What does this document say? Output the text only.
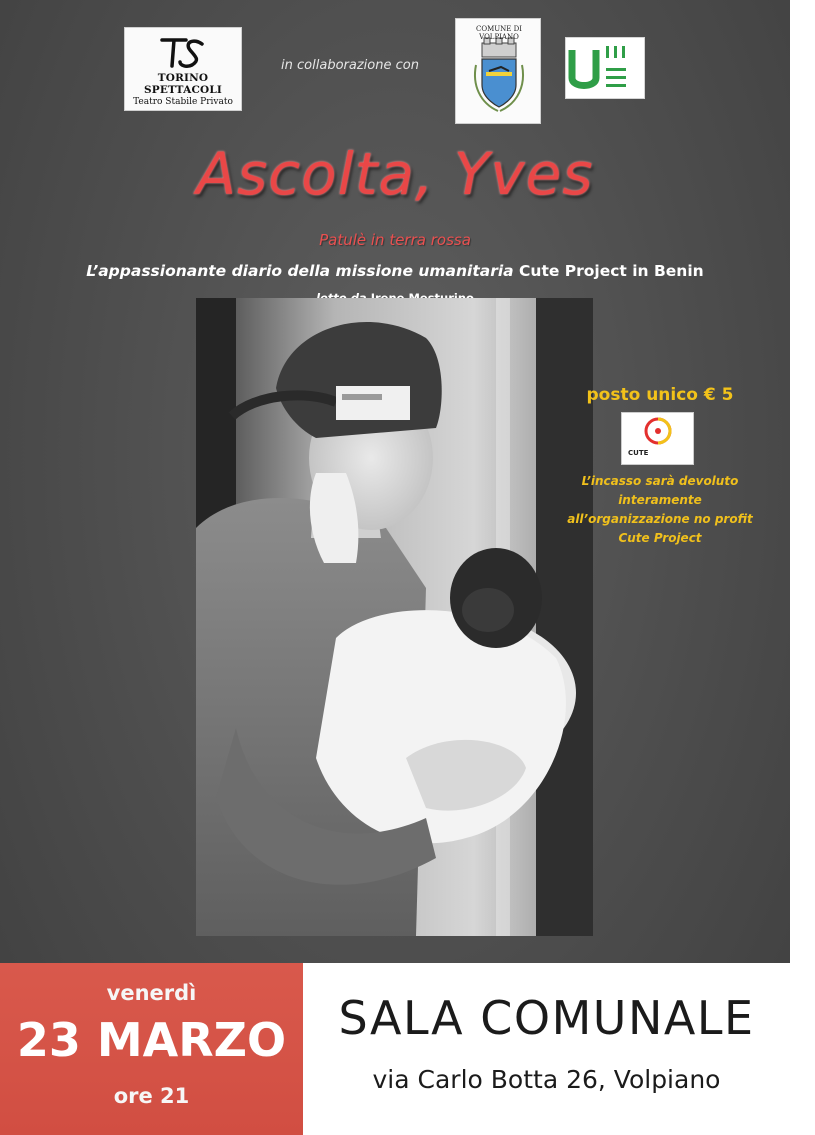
TORINO SPETTACOLI
Teatro Stabile Privato
in collaborazione con
COMUNE DI VOLPIANO
Ascolta, Yves
Patulè in terra rossa
L’appassionante diario della missione umanitaria Cute Project in Benin
posto unico € 5
CUTE
L’incasso sarà devoluto
interamente
all’organizzazione no profit
Cute Project
venerdì
23 MARZO
ore 21
SALA COMUNALE
via Carlo Botta 26, Volpiano
